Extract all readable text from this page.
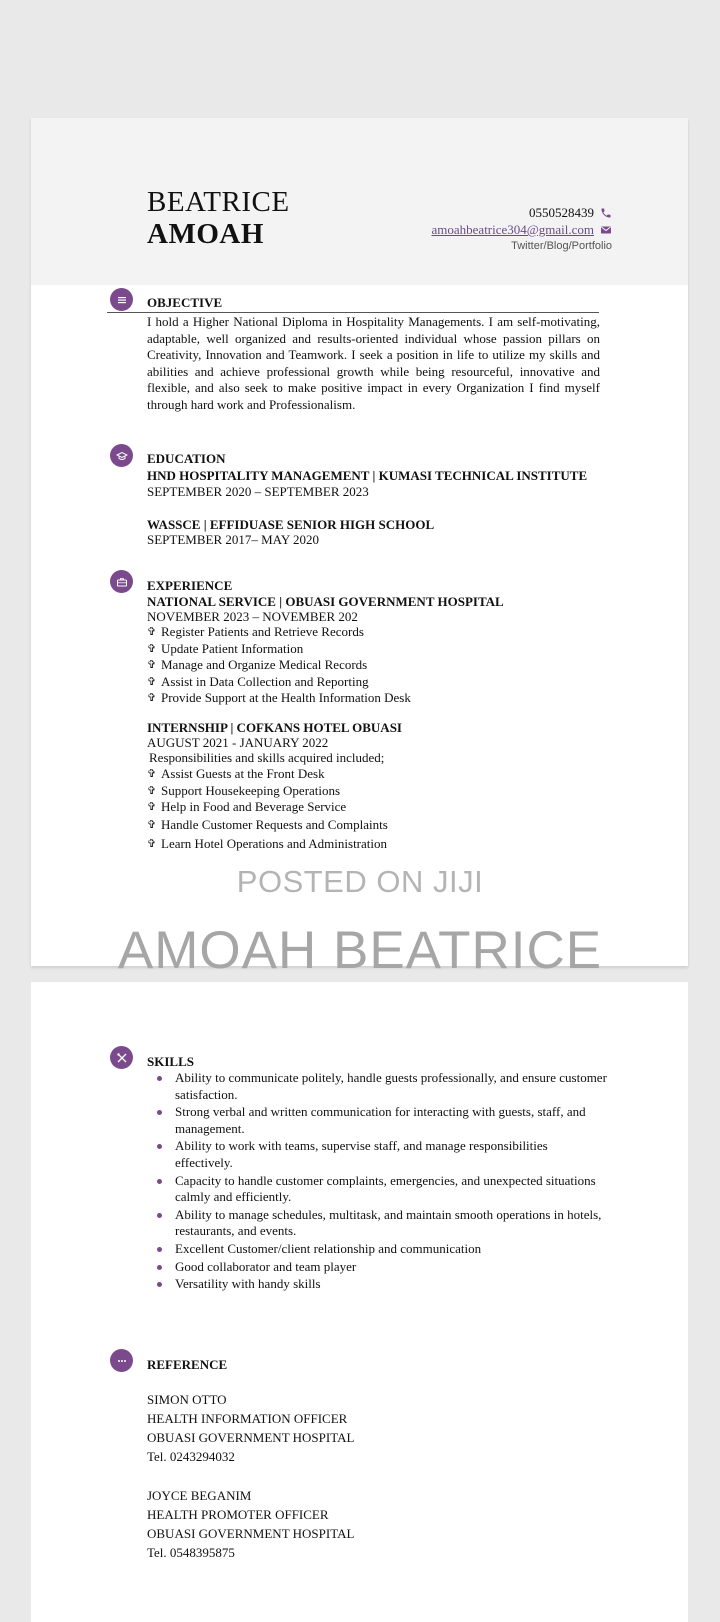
BEATRICE
AMOAH
0550528439
amoahbeatrice304@gmail.com
Twitter/Blog/Portfolio
OBJECTIVE
I hold a Higher National Diploma in Hospitality Managements. I am self-motivating, adaptable, well organized and results-oriented individual whose passion pillars on Creativity, Innovation and Teamwork. I seek a position in life to utilize my skills and abilities and achieve professional growth while being resourceful, innovative and flexible, and also seek to make positive impact in every Organization I find myself through hard work and Professionalism.
EDUCATION
HND HOSPITALITY MANAGEMENT | KUMASI TECHNICAL INSTITUTE
SEPTEMBER 2020 – SEPTEMBER 2023
WASSCE | EFFIDUASE SENIOR HIGH SCHOOL
SEPTEMBER 2017– MAY 2020
EXPERIENCE
NATIONAL SERVICE | OBUASI GOVERNMENT HOSPITAL
NOVEMBER 2023 – NOVEMBER 202
✞ Register Patients and Retrieve Records
✞ Update Patient Information
✞ Manage and Organize Medical Records
✞ Assist in Data Collection and Reporting
✞ Provide Support at the Health Information Desk
INTERNSHIP | COFKANS HOTEL OBUASI
AUGUST 2021 - JANUARY 2022
Responsibilities and skills acquired included;
✞ Assist Guests at the Front Desk
✞ Support Housekeeping Operations
✞ Help in Food and Beverage Service
✞ Handle Customer Requests and Complaints
✞ Learn Hotel Operations and Administration
SKILLS
Ability to communicate politely, handle guests professionally, and ensure customer satisfaction.
Strong verbal and written communication for interacting with guests, staff, and management.
Ability to work with teams, supervise staff, and manage responsibilities effectively.
Capacity to handle customer complaints, emergencies, and unexpected situations calmly and efficiently.
Ability to manage schedules, multitask, and maintain smooth operations in hotels, restaurants, and events.
Excellent Customer/client relationship and communication
Good collaborator and team player
Versatility with handy skills
REFERENCE
SIMON OTTO
HEALTH INFORMATION OFFICER
OBUASI GOVERNMENT HOSPITAL
Tel. 0243294032
JOYCE BEGANIM
HEALTH PROMOTER OFFICER
OBUASI GOVERNMENT HOSPITAL
Tel. 0548395875
POSTED ON JIJI
AMOAH BEATRICE
